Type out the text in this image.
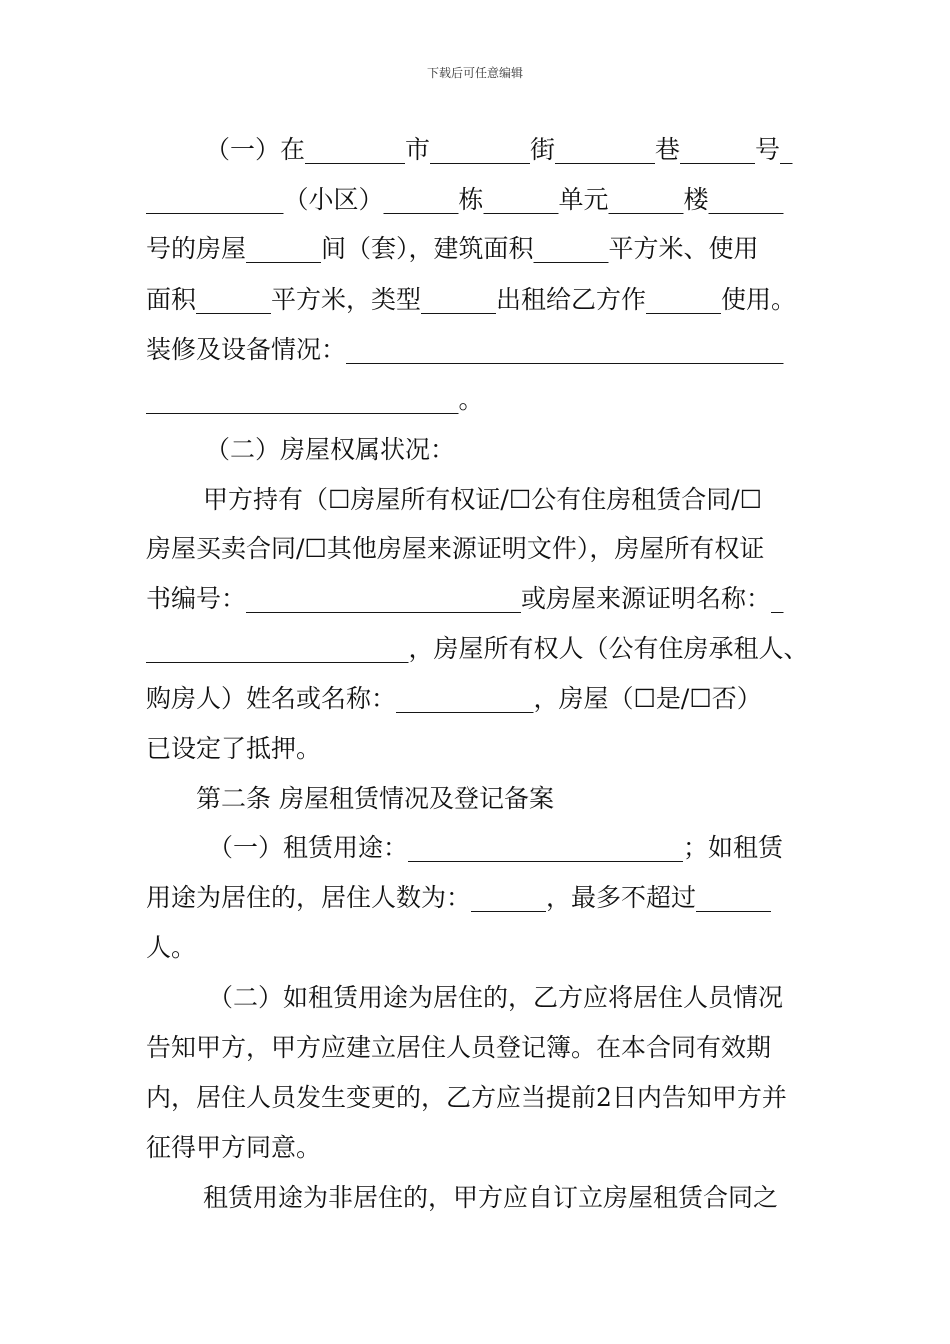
下载后可任意编辑
（一）在________市________街________巷______号_
___________（小区）______栋______单元______楼______
号的房屋______间（套），建筑面积______平方米、使用
面积______平方米，类型______出租给乙方作______使用。
装修及设备情况：___________________________________
_________________________。
（二）房屋权属状况：
甲方持有（☐房屋所有权证/☐公有住房租赁合同/☐
房屋买卖合同/☐其他房屋来源证明文件），房屋所有权证
书编号：______________________或房屋来源证明名称：_
_____________________，房屋所有权人（公有住房承租人、
购房人）姓名或名称：___________，房屋（☐是/☐否）
已设定了抵押。
第二条 房屋租赁情况及登记备案
（一）租赁用途：______________________；如租赁
用途为居住的，居住人数为：______，最多不超过______
人。
（二）如租赁用途为居住的，乙方应将居住人员情况
告知甲方，甲方应建立居住人员登记簿。在本合同有效期
内，居住人员发生变更的，乙方应当提前2日内告知甲方并
征得甲方同意。
租赁用途为非居住的，甲方应自订立房屋租赁合同之
